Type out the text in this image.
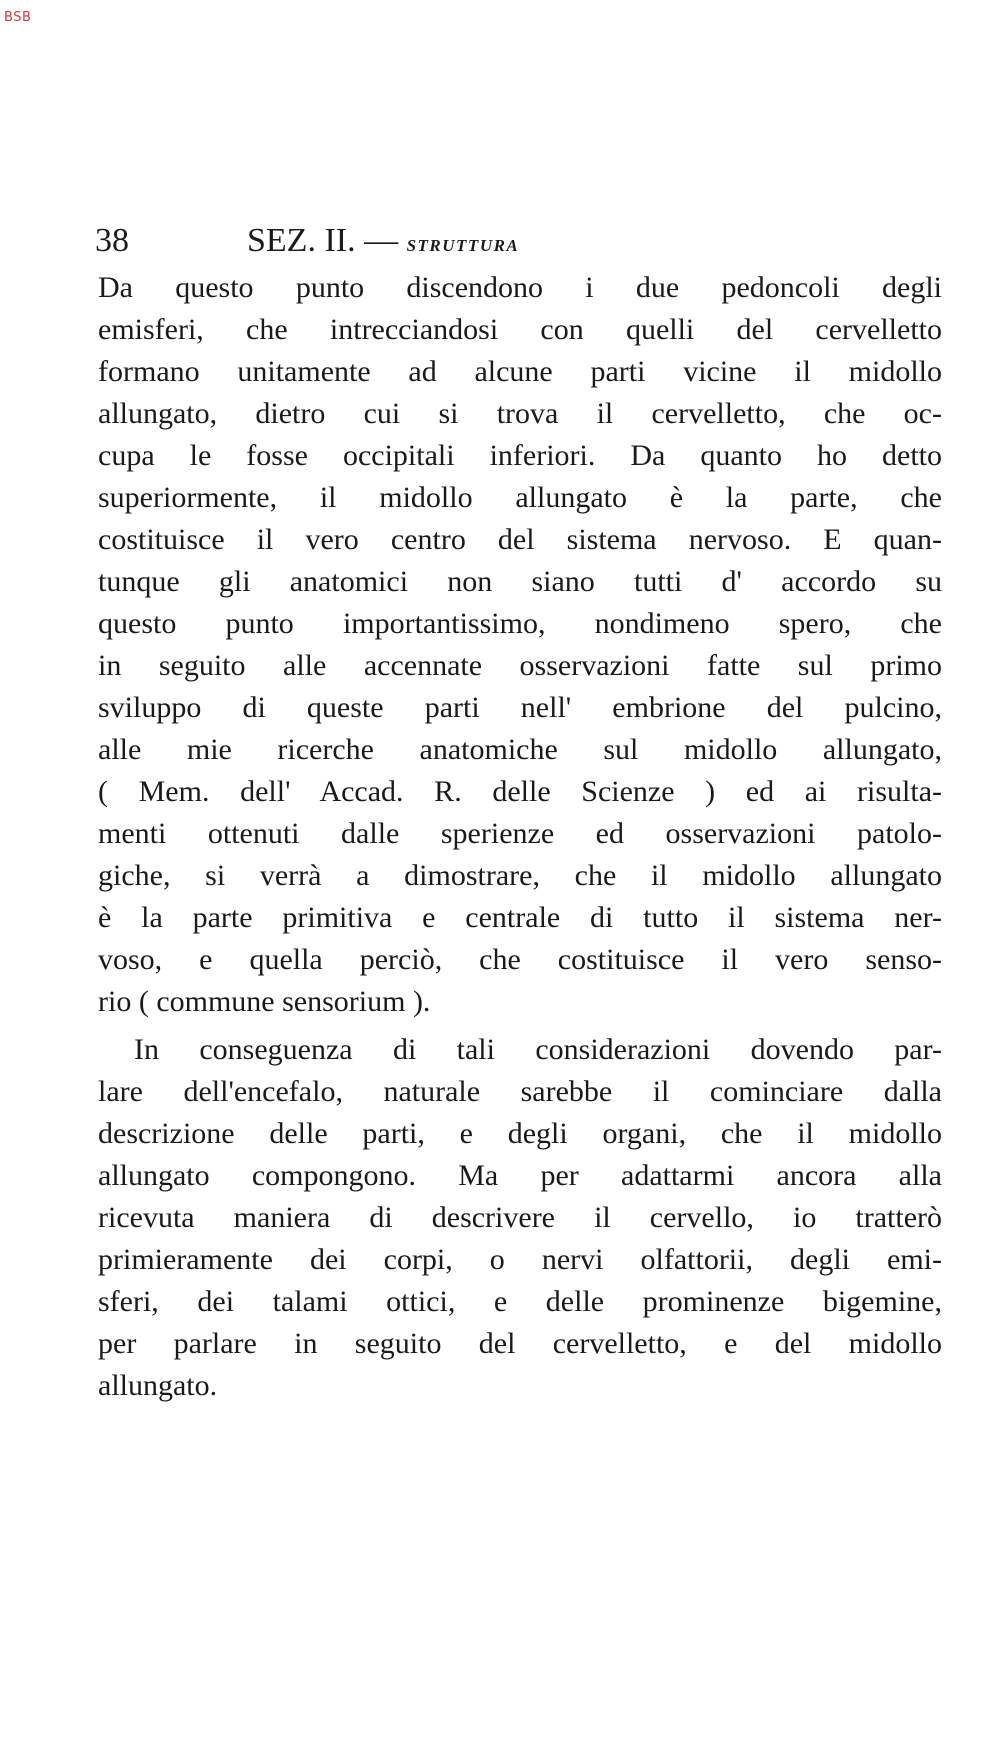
BSB
38	SEZ. II. — STRUTTURA
Da questo punto discendono i due pedoncoli degli
emisferi, che intrecciandosi con quelli del cervelletto
formano unitamente ad alcune parti vicine il midollo
allungato, dietro cui si trova il cervelletto, che oc-
cupa le fosse occipitali inferiori. Da quanto ho detto
superiormente, il midollo allungato è la parte, che
costituisce il vero centro del sistema nervoso. E quan-
tunque gli anatomici non siano tutti d' accordo su
questo punto importantissimo, nondimeno spero, che
in seguito alle accennate osservazioni fatte sul primo
sviluppo di queste parti nell' embrione del pulcino,
alle mie ricerche anatomiche sul midollo allungato,
( Mem. dell' Accad. R. delle Scienze ) ed ai risulta-
menti ottenuti dalle sperienze ed osservazioni patolo-
giche, si verrà a dimostrare, che il midollo allungato
è la parte primitiva e centrale di tutto il sistema ner-
voso, e quella perciò, che costituisce il vero senso-
rio ( commune sensorium ).
In conseguenza di tali considerazioni dovendo par-
lare dell'encefalo, naturale sarebbe il cominciare dalla
descrizione delle parti, e degli organi, che il midollo
allungato compongono. Ma per adattarmi ancora alla
ricevuta maniera di descrivere il cervello, io tratterò
primieramente dei corpi, o nervi olfattorii, degli emi-
sferi, dei talami ottici, e delle prominenze bigemine,
per parlare in seguito del cervelletto, e del midollo
allungato.
